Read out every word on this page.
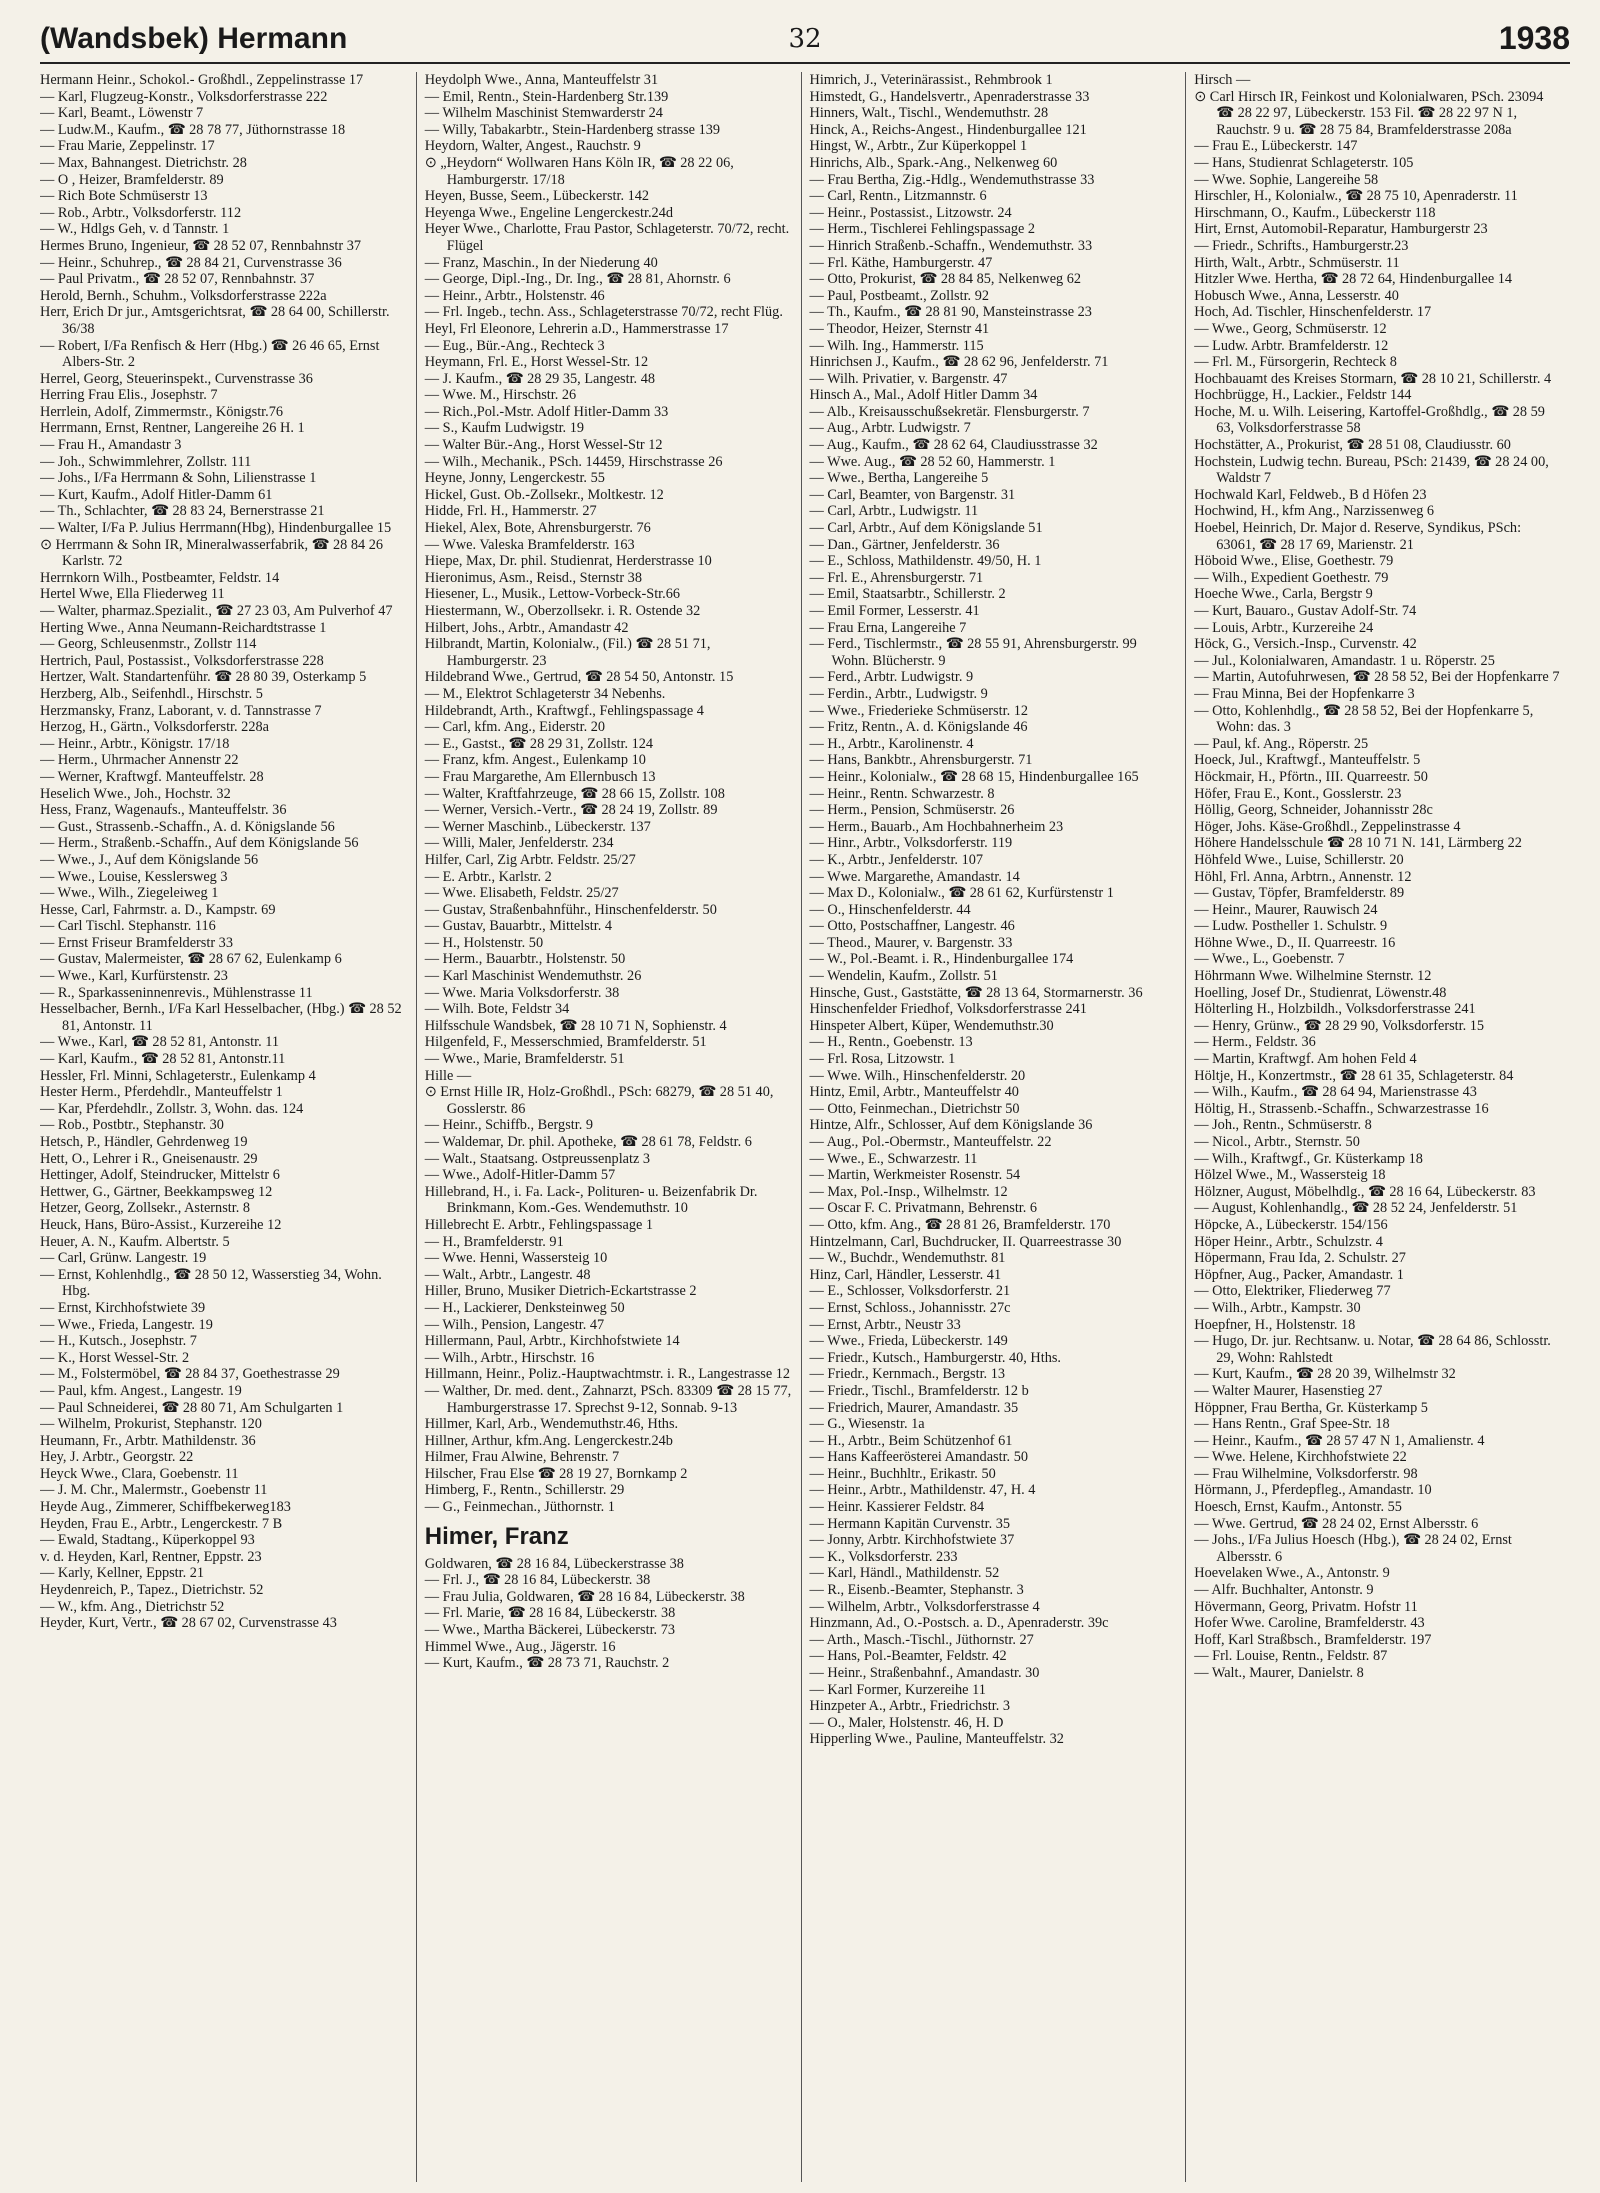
(Wandsbek) Hermann	32	1938
Hermann Heinr., Schokol.- Großhdl., Zeppelinstrasse 17
— Karl, Flugzeug-Konstr., Volksdorferstrasse 222
— Karl, Beamt., Löwenstr 7
— Ludw.M., Kaufm., ☎ 28 78 77, Jüthornstrasse 18
— Frau Marie, Zeppelinstr. 17
— Max, Bahnangest. Dietrichstr. 28
— O , Heizer, Bramfelderstr. 89
— Rich Bote Schmüserstr 13
— Rob., Arbtr., Volksdorferstr. 112
— W., Hdlgs Geh, v. d Tannstr. 1
Hermes Bruno, Ingenieur, ☎ 28 52 07, Rennbahnstr 37
— Heinr., Schuhrep., ☎ 28 84 21, Curvenstrasse 36
— Paul Privatm., ☎ 28 52 07, Rennbahnstr. 37
Herold, Bernh., Schuhm., Volksdorferstrasse 222a
Herr, Erich Dr jur., Amtsgerichtsrat, ☎ 28 64 00, Schillerstr. 36/38
— Robert, I/Fa Renfisch & Herr (Hbg.) ☎ 26 46 65, Ernst Albers-Str. 2
Herrel, Georg, Steuerinspekt., Curvenstrasse 36
Herring Frau Elis., Josephstr. 7
Herrlein, Adolf, Zimmermstr., Königstr.76
Herrmann, Ernst, Rentner, Langereihe 26 H. 1
— Frau H., Amandastr 3
— Joh., Schwimmlehrer, Zollstr. 111
— Johs., I/Fa Herrmann & Sohn, Lilienstrasse 1
— Kurt, Kaufm., Adolf Hitler-Damm 61
— Th., Schlachter, ☎ 28 83 24, Bernerstrasse 21
— Walter, I/Fa P. Julius Herrmann(Hbg), Hindenburgallee 15
⊙ Herrmann & Sohn IR, Mineralwasserfabrik, ☎ 28 84 26 Karlstr. 72
Herrnkorn Wilh., Postbeamter, Feldstr. 14
Hertel Wwe, Ella Fliederweg 11
— Walter, pharmaz.Spezialit., ☎ 27 23 03, Am Pulverhof 47
Herting Wwe., Anna Neumann-Reichardtstrasse 1
— Georg, Schleusenmstr., Zollstr 114
Hertrich, Paul, Postassist., Volksdorferstrasse 228
Hertzer, Walt. Standartenführ. ☎ 28 80 39, Osterkamp 5
Herzberg, Alb., Seifenhdl., Hirschstr. 5
Herzmansky, Franz, Laborant, v. d. Tannstrasse 7
Herzog, H., Gärtn., Volksdorferstr. 228a
— Heinr., Arbtr., Königstr. 17/18
— Herm., Uhrmacher Annenstr 22
— Werner, Kraftwgf. Manteuffelstr. 28
Heselich Wwe., Joh., Hochstr. 32
Hess, Franz, Wagenaufs., Manteuffelstr. 36
— Gust., Strassenb.-Schaffn., A. d. Königslande 56
— Herm., Straßenb.-Schaffn., Auf dem Königslande 56
— Wwe., J., Auf dem Königslande 56
— Wwe., Louise, Kesslersweg 3
— Wwe., Wilh., Ziegeleiweg 1
Hesse, Carl, Fahrmstr. a. D., Kampstr. 69
— Carl Tischl. Stephanstr. 116
— Ernst Friseur Bramfelderstr 33
— Gustav, Malermeister, ☎ 28 67 62, Eulenkamp 6
— Wwe., Karl, Kurfürstenstr. 23
— R., Sparkasseninnenrevis., Mühlenstrasse 11
Hesselbacher, Bernh., I/Fa Karl Hesselbacher, (Hbg.) ☎ 28 52 81, Antonstr. 11
— Wwe., Karl, ☎ 28 52 81, Antonstr. 11
— Karl, Kaufm., ☎ 28 52 81, Antonstr.11
Hessler, Frl. Minni, Schlageterstr., Eulenkamp 4
Hester Herm., Pferdehdlr., Manteuffelstr 1
— Kar, Pferdehdlr., Zollstr. 3, Wohn. das. 124
— Rob., Postbtr., Stephanstr. 30
Hetsch, P., Händler, Gehrdenweg 19
Hett, O., Lehrer i R., Gneisenaustr. 29
Hettinger, Adolf, Steindrucker, Mittelstr 6
Hettwer, G., Gärtner, Beekkampsweg 12
Hetzer, Georg, Zollsekr., Asternstr. 8
Heuck, Hans, Büro-Assist., Kurzereihe 12
Heuer, A. N., Kaufm. Albertstr. 5
— Carl, Grünw. Langestr. 19
— Ernst, Kohlenhdlg., ☎ 28 50 12, Wasserstieg 34, Wohn. Hbg.
— Ernst, Kirchhofstwiete 39
— Wwe., Frieda, Langestr. 19
— H., Kutsch., Josephstr. 7
— K., Horst Wessel-Str. 2
— M., Folstermöbel, ☎ 28 84 37, Goethestrasse 29
— Paul, kfm. Angest., Langestr. 19
— Paul Schneiderei, ☎ 28 80 71, Am Schulgarten 1
— Wilhelm, Prokurist, Stephanstr. 120
Heumann, Fr., Arbtr. Mathildenstr. 36
Hey, J. Arbtr., Georgstr. 22
Heyck Wwe., Clara, Goebenstr. 11
— J. M. Chr., Malermstr., Goebenstr 11
Heyde Aug., Zimmerer, Schiffbekerweg183
Heyden, Frau E., Arbtr., Lengerckestr. 7 B
— Ewald, Stadtang., Küperkoppel 93
v. d. Heyden, Karl, Rentner, Eppstr. 23
— Karly, Kellner, Eppstr. 21
Heydenreich, P., Tapez., Dietrichstr. 52
— W., kfm. Ang., Dietrichstr 52
Heyder, Kurt, Vertr., ☎ 28 67 02, Curvenstrasse 43
Heydolph Wwe., Anna, Manteuffelstr 31
— Emil, Rentn., Stein-Hardenberg Str.139
— Wilhelm Maschinist Stemwarderstr 24
— Willy, Tabakarbtr., Stein-Hardenberg strasse 139
Heydorn, Walter, Angest., Rauchstr. 9
⊙ „Heydorn“ Wollwaren Hans Köln IR, ☎ 28 22 06, Hamburgerstr. 17/18
Heyen, Busse, Seem., Lübeckerstr. 142
Heyenga Wwe., Engeline Lengerckestr.24d
Heyer Wwe., Charlotte, Frau Pastor, Schlageterstr. 70/72, recht. Flügel
— Franz, Maschin., In der Niederung 40
— George, Dipl.-Ing., Dr. Ing., ☎ 28 81, Ahornstr. 6
— Heinr., Arbtr., Holstenstr. 46
— Frl. Ingeb., techn. Ass., Schlageterstrasse 70/72, recht Flüg.
Heyl, Frl Eleonore, Lehrerin a.D., Hammerstrasse 17
— Eug., Bür.-Ang., Rechteck 3
Heymann, Frl. E., Horst Wessel-Str. 12
— J. Kaufm., ☎ 28 29 35, Langestr. 48
— Wwe. M., Hirschstr. 26
— Rich.,Pol.-Mstr. Adolf Hitler-Damm 33
— S., Kaufm Ludwigstr. 19
— Walter Bür.-Ang., Horst Wessel-Str 12
— Wilh., Mechanik., PSch. 14459, Hirschstrasse 26
Heyne, Jonny, Lengerckestr. 55
Hickel, Gust. Ob.-Zollsekr., Moltkestr. 12
Hidde, Frl. H., Hammerstr. 27
Hiekel, Alex, Bote, Ahrensburgerstr. 76
— Wwe. Valeska Bramfelderstr. 163
Hiepe, Max, Dr. phil. Studienrat, Herderstrasse 10
Hieronimus, Asm., Reisd., Sternstr 38
Hiesener, L., Musik., Lettow-Vorbeck-Str.66
Hiestermann, W., Oberzollsekr. i. R. Ostende 32
Hilbert, Johs., Arbtr., Amandastr 42
Hilbrandt, Martin, Kolonialw., (Fil.) ☎ 28 51 71, Hamburgerstr. 23
Hildebrand Wwe., Gertrud, ☎ 28 54 50, Antonstr. 15
— M., Elektrot Schlageterstr 34 Nebenhs.
Hildebrandt, Arth., Kraftwgf., Fehlingspassage 4
— Carl, kfm. Ang., Eiderstr. 20
— E., Gastst., ☎ 28 29 31, Zollstr. 124
— Franz, kfm. Angest., Eulenkamp 10
— Frau Margarethe, Am Ellernbusch 13
— Walter, Kraftfahrzeuge, ☎ 28 66 15, Zollstr. 108
— Werner, Versich.-Vertr., ☎ 28 24 19, Zollstr. 89
— Werner Maschinb., Lübeckerstr. 137
— Willi, Maler, Jenfelderstr. 234
Hilfer, Carl, Zig Arbtr. Feldstr. 25/27
— E. Arbtr., Karlstr. 2
— Wwe. Elisabeth, Feldstr. 25/27
— Gustav, Straßenbahnführ., Hinschenfelderstr. 50
— Gustav, Bauarbtr., Mittelstr. 4
— H., Holstenstr. 50
— Herm., Bauarbtr., Holstenstr. 50
— Karl Maschinist Wendemuthstr. 26
— Wwe. Maria Volksdorferstr. 38
— Wilh. Bote, Feldstr 34
Hilfsschule Wandsbek, ☎ 28 10 71 N, Sophienstr. 4
Hilgenfeld, F., Messerschmied, Bramfelderstr. 51
— Wwe., Marie, Bramfelderstr. 51
Hille —
⊙ Ernst Hille IR, Holz-Großhdl., PSch: 68279, ☎ 28 51 40, Gosslerstr. 86
— Heinr., Schiffb., Bergstr. 9
— Waldemar, Dr. phil. Apotheke, ☎ 28 61 78, Feldstr. 6
— Walt., Staatsang. Ostpreussenplatz 3
— Wwe., Adolf-Hitler-Damm 57
Hillebrand, H., i. Fa. Lack-, Polituren- u. Beizenfabrik Dr. Brinkmann, Kom.-Ges. Wendemuthstr. 10
Hillebrecht E. Arbtr., Fehlingspassage 1
— H., Bramfelderstr. 91
— Wwe. Henni, Wassersteig 10
— Walt., Arbtr., Langestr. 48
Hiller, Bruno, Musiker Dietrich-Eckartstrasse 2
— H., Lackierer, Denksteinweg 50
— Wilh., Pension, Langestr. 47
Hillermann, Paul, Arbtr., Kirchhofstwiete 14
— Wilh., Arbtr., Hirschstr. 16
Hillmann, Heinr., Poliz.-Hauptwachtmstr. i. R., Langestrasse 12
— Walther, Dr. med. dent., Zahnarzt, PSch. 83309 ☎ 28 15 77, Hamburgerstrasse 17. Sprechst 9-12, Sonnab. 9-13
Hillmer, Karl, Arb., Wendemuthstr.46, Hths.
Hillner, Arthur, kfm.Ang. Lengerckestr.24b
Hilmer, Frau Alwine, Behrenstr. 7
Hilscher, Frau Else ☎ 28 19 27, Bornkamp 2
Himberg, F., Rentn., Schillerstr. 29
— G., Feinmechan., Jüthornstr. 1
Himer, Franz
Goldwaren, ☎ 28 16 84, Lübeckerstrasse 38
— Frl. J., ☎ 28 16 84, Lübeckerstr. 38
— Frau Julia, Goldwaren, ☎ 28 16 84, Lübeckerstr. 38
— Frl. Marie, ☎ 28 16 84, Lübeckerstr. 38
— Wwe., Martha Bäckerei, Lübeckerstr. 73
Himmel Wwe., Aug., Jägerstr. 16
— Kurt, Kaufm., ☎ 28 73 71, Rauchstr. 2
Himrich, J., Veterinärassist., Rehmbrook 1
Himstedt, G., Handelsvertr., Apenraderstrasse 33
Hinners, Walt., Tischl., Wendemuthstr. 28
Hinck, A., Reichs-Angest., Hindenburgallee 121
Hingst, W., Arbtr., Zur Küperkoppel 1
Hinrichs, Alb., Spark.-Ang., Nelkenweg 60
— Frau Bertha, Zig.-Hdlg., Wendemuthstrasse 33
— Carl, Rentn., Litzmannstr. 6
— Heinr., Postassist., Litzowstr. 24
— Herm., Tischlerei Fehlingspassage 2
— Hinrich Straßenb.-Schaffn., Wendemuthstr. 33
— Frl. Käthe, Hamburgerstr. 47
— Otto, Prokurist, ☎ 28 84 85, Nelkenweg 62
— Paul, Postbeamt., Zollstr. 92
— Th., Kaufm., ☎ 28 81 90, Mansteinstrasse 23
— Theodor, Heizer, Sternstr 41
— Wilh. Ing., Hammerstr. 115
Hinrichsen J., Kaufm., ☎ 28 62 96, Jenfelderstr. 71
— Wilh. Privatier, v. Bargenstr. 47
Hinsch A., Mal., Adolf Hitler Damm 34
— Alb., Kreisausschußsekretär. Flensburgerstr. 7
— Aug., Arbtr. Ludwigstr. 7
— Aug., Kaufm., ☎ 28 62 64, Claudiusstrasse 32
— Wwe. Aug., ☎ 28 52 60, Hammerstr. 1
— Wwe., Bertha, Langereihe 5
— Carl, Beamter, von Bargenstr. 31
— Carl, Arbtr., Ludwigstr. 11
— Carl, Arbtr., Auf dem Königslande 51
— Dan., Gärtner, Jenfelderstr. 36
— E., Schloss, Mathildenstr. 49/50, H. 1
— Frl. E., Ahrensburgerstr. 71
— Emil, Staatsarbtr., Schillerstr. 2
— Emil Former, Lesserstr. 41
— Frau Erna, Langereihe 7
— Ferd., Tischlermstr., ☎ 28 55 91, Ahrensburgerstr. 99 Wohn. Blücherstr. 9
— Ferd., Arbtr. Ludwigstr. 9
— Ferdin., Arbtr., Ludwigstr. 9
— Wwe., Friederieke Schmüserstr. 12
— Fritz, Rentn., A. d. Königslande 46
— H., Arbtr., Karolinenstr. 4
— Hans, Bankbtr., Ahrensburgerstr. 71
— Heinr., Kolonialw., ☎ 28 68 15, Hindenburgallee 165
— Heinr., Rentn. Schwarzestr. 8
— Herm., Pension, Schmüserstr. 26
— Herm., Bauarb., Am Hochbahnerheim 23
— Hinr., Arbtr., Volksdorferstr. 119
— K., Arbtr., Jenfelderstr. 107
— Wwe. Margarethe, Amandastr. 14
— Max D., Kolonialw., ☎ 28 61 62, Kurfürstenstr 1
— O., Hinschenfelderstr. 44
— Otto, Postschaffner, Langestr. 46
— Theod., Maurer, v. Bargenstr. 33
— W., Pol.-Beamt. i. R., Hindenburgallee 174
— Wendelin, Kaufm., Zollstr. 51
Hinsche, Gust., Gaststätte, ☎ 28 13 64, Stormarnerstr. 36
Hinschenfelder Friedhof, Volksdorferstrasse 241
Hinspeter Albert, Küper, Wendemuthstr.30
— H., Rentn., Goebenstr. 13
— Frl. Rosa, Litzowstr. 1
— Wwe. Wilh., Hinschenfelderstr. 20
Hintz, Emil, Arbtr., Manteuffelstr 40
— Otto, Feinmechan., Dietrichstr 50
Hintze, Alfr., Schlosser, Auf dem Königslande 36
— Aug., Pol.-Obermstr., Manteuffelstr. 22
— Wwe., E., Schwarzestr. 11
— Martin, Werkmeister Rosenstr. 54
— Max, Pol.-Insp., Wilhelmstr. 12
— Oscar F. C. Privatmann, Behrenstr. 6
— Otto, kfm. Ang., ☎ 28 81 26, Bramfelderstr. 170
Hintzelmann, Carl, Buchdrucker, II. Quarreestrasse 30
— W., Buchdr., Wendemuthstr. 81
Hinz, Carl, Händler, Lesserstr. 41
— E., Schlosser, Volksdorferstr. 21
— Ernst, Schloss., Johannisstr. 27c
— Ernst, Arbtr., Neustr 33
— Wwe., Frieda, Lübeckerstr. 149
— Friedr., Kutsch., Hamburgerstr. 40, Hths.
— Friedr., Kernmach., Bergstr. 13
— Friedr., Tischl., Bramfelderstr. 12 b
— Friedrich, Maurer, Amandastr. 35
— G., Wiesenstr. 1a
— H., Arbtr., Beim Schützenhof 61
— Hans Kaffeerösterei Amandastr. 50
— Heinr., Buchhltr., Erikastr. 50
— Heinr., Arbtr., Mathildenstr. 47, H. 4
— Heinr. Kassierer Feldstr. 84
— Hermann Kapitän Curvenstr. 35
— Jonny, Arbtr. Kirchhofstwiete 37
— K., Volksdorferstr. 233
— Karl, Händl., Mathildenstr. 52
— R., Eisenb.-Beamter, Stephanstr. 3
— Wilhelm, Arbtr., Volksdorferstrasse 4
Hinzmann, Ad., O.-Postsch. a. D., Apenraderstr. 39c
— Arth., Masch.-Tischl., Jüthornstr. 27
— Hans, Pol.-Beamter, Feldstr. 42
— Heinr., Straßenbahnf., Amandastr. 30
— Karl Former, Kurzereihe 11
Hinzpeter A., Arbtr., Friedrichstr. 3
— O., Maler, Holstenstr. 46, H. D
Hipperling Wwe., Pauline, Manteuffelstr. 32
Hirsch —
⊙ Carl Hirsch IR, Feinkost und Kolonialwaren, PSch. 23094 ☎ 28 22 97, Lübeckerstr. 153 Fil. ☎ 28 22 97 N 1, Rauchstr. 9 u. ☎ 28 75 84, Bramfelderstrasse 208a
— Frau E., Lübeckerstr. 147
— Hans, Studienrat Schlageterstr. 105
— Wwe. Sophie, Langereihe 58
Hirschler, H., Kolonialw., ☎ 28 75 10, Apenraderstr. 11
Hirschmann, O., Kaufm., Lübeckerstr 118
Hirt, Ernst, Automobil-Reparatur, Hamburgerstr 23
— Friedr., Schrifts., Hamburgerstr.23
Hirth, Walt., Arbtr., Schmüserstr. 11
Hitzler Wwe. Hertha, ☎ 28 72 64, Hindenburgallee 14
Hobusch Wwe., Anna, Lesserstr. 40
Hoch, Ad. Tischler, Hinschenfelderstr. 17
— Wwe., Georg, Schmüserstr. 12
— Ludw. Arbtr. Bramfelderstr. 12
— Frl. M., Fürsorgerin, Rechteck 8
Hochbauamt des Kreises Stormarn, ☎ 28 10 21, Schillerstr. 4
Hochbrügge, H., Lackier., Feldstr 144
Hoche, M. u. Wilh. Leisering, Kartoffel-Großhdlg., ☎ 28 59 63, Volksdorferstrasse 58
Hochstätter, A., Prokurist, ☎ 28 51 08, Claudiusstr. 60
Hochstein, Ludwig techn. Bureau, PSch: 21439, ☎ 28 24 00, Waldstr 7
Hochwald Karl, Feldweb., B d Höfen 23
Hochwind, H., kfm Ang., Narzissenweg 6
Hoebel, Heinrich, Dr. Major d. Reserve, Syndikus, PSch: 63061, ☎ 28 17 69, Marienstr. 21
Höboid Wwe., Elise, Goethestr. 79
— Wilh., Expedient Goethestr. 79
Hoeche Wwe., Carla, Bergstr 9
— Kurt, Bauaro., Gustav Adolf-Str. 74
— Louis, Arbtr., Kurzereihe 24
Höck, G., Versich.-Insp., Curvenstr. 42
— Jul., Kolonialwaren, Amandastr. 1 u. Röperstr. 25
— Martin, Autofuhrwesen, ☎ 28 58 52, Bei der Hopfenkarre 7
— Frau Minna, Bei der Hopfenkarre 3
— Otto, Kohlenhdlg., ☎ 28 58 52, Bei der Hopfenkarre 5, Wohn: das. 3
— Paul, kf. Ang., Röperstr. 25
Hoeck, Jul., Kraftwgf., Manteuffelstr. 5
Höckmair, H., Pförtn., III. Quarreestr. 50
Höfer, Frau E., Kont., Gosslerstr. 23
Höllig, Georg, Schneider, Johannisstr 28c
Höger, Johs. Käse-Großhdl., Zeppelinstrasse 4
Höhere Handelsschule ☎ 28 10 71 N. 141, Lärmberg 22
Höhfeld Wwe., Luise, Schillerstr. 20
Höhl, Frl. Anna, Arbtrn., Annenstr. 12
— Gustav, Töpfer, Bramfelderstr. 89
— Heinr., Maurer, Rauwisch 24
— Ludw. Postheller 1. Schulstr. 9
Höhne Wwe., D., II. Quarreestr. 16
— Wwe., L., Goebenstr. 7
Höhrmann Wwe. Wilhelmine Sternstr. 12
Hoelling, Josef Dr., Studienrat, Löwenstr.48
Hölterling H., Holzbildh., Volksdorferstrasse 241
— Henry, Grünw., ☎ 28 29 90, Volksdorferstr. 15
— Herm., Feldstr. 36
— Martin, Kraftwgf. Am hohen Feld 4
Höltje, H., Konzertmstr., ☎ 28 61 35, Schlageterstr. 84
— Wilh., Kaufm., ☎ 28 64 94, Marienstrasse 43
Höltig, H., Strassenb.-Schaffn., Schwarzestrasse 16
— Joh., Rentn., Schmüserstr. 8
— Nicol., Arbtr., Sternstr. 50
— Wilh., Kraftwgf., Gr. Küsterkamp 18
Hölzel Wwe., M., Wassersteig 18
Hölzner, August, Möbelhdlg., ☎ 28 16 64, Lübeckerstr. 83
— August, Kohlenhandlg., ☎ 28 52 24, Jenfelderstr. 51
Höpcke, A., Lübeckerstr. 154/156
Höper Heinr., Arbtr., Schulzstr. 4
Höpermann, Frau Ida, 2. Schulstr. 27
Höpfner, Aug., Packer, Amandastr. 1
— Otto, Elektriker, Fliederweg 77
— Wilh., Arbtr., Kampstr. 30
Hoepfner, H., Holstenstr. 18
— Hugo, Dr. jur. Rechtsanw. u. Notar, ☎ 28 64 86, Schlosstr. 29, Wohn: Rahlstedt
— Kurt, Kaufm., ☎ 28 20 39, Wilhelmstr 32
— Walter Maurer, Hasenstieg 27
Höppner, Frau Bertha, Gr. Küsterkamp 5
— Hans Rentn., Graf Spee-Str. 18
— Heinr., Kaufm., ☎ 28 57 47 N 1, Amalienstr. 4
— Wwe. Helene, Kirchhofstwiete 22
— Frau Wilhelmine, Volksdorferstr. 98
Hörmann, J., Pferdepfleg., Amandastr. 10
Hoesch, Ernst, Kaufm., Antonstr. 55
— Wwe. Gertrud, ☎ 28 24 02, Ernst Albersstr. 6
— Johs., I/Fa Julius Hoesch (Hbg.), ☎ 28 24 02, Ernst Albersstr. 6
Hoevelaken Wwe., A., Antonstr. 9
— Alfr. Buchhalter, Antonstr. 9
Hövermann, Georg, Privatm. Hofstr 11
Hofer Wwe. Caroline, Bramfelderstr. 43
Hoff, Karl Straßbsch., Bramfelderstr. 197
— Frl. Louise, Rentn., Feldstr. 87
— Walt., Maurer, Danielstr. 8
